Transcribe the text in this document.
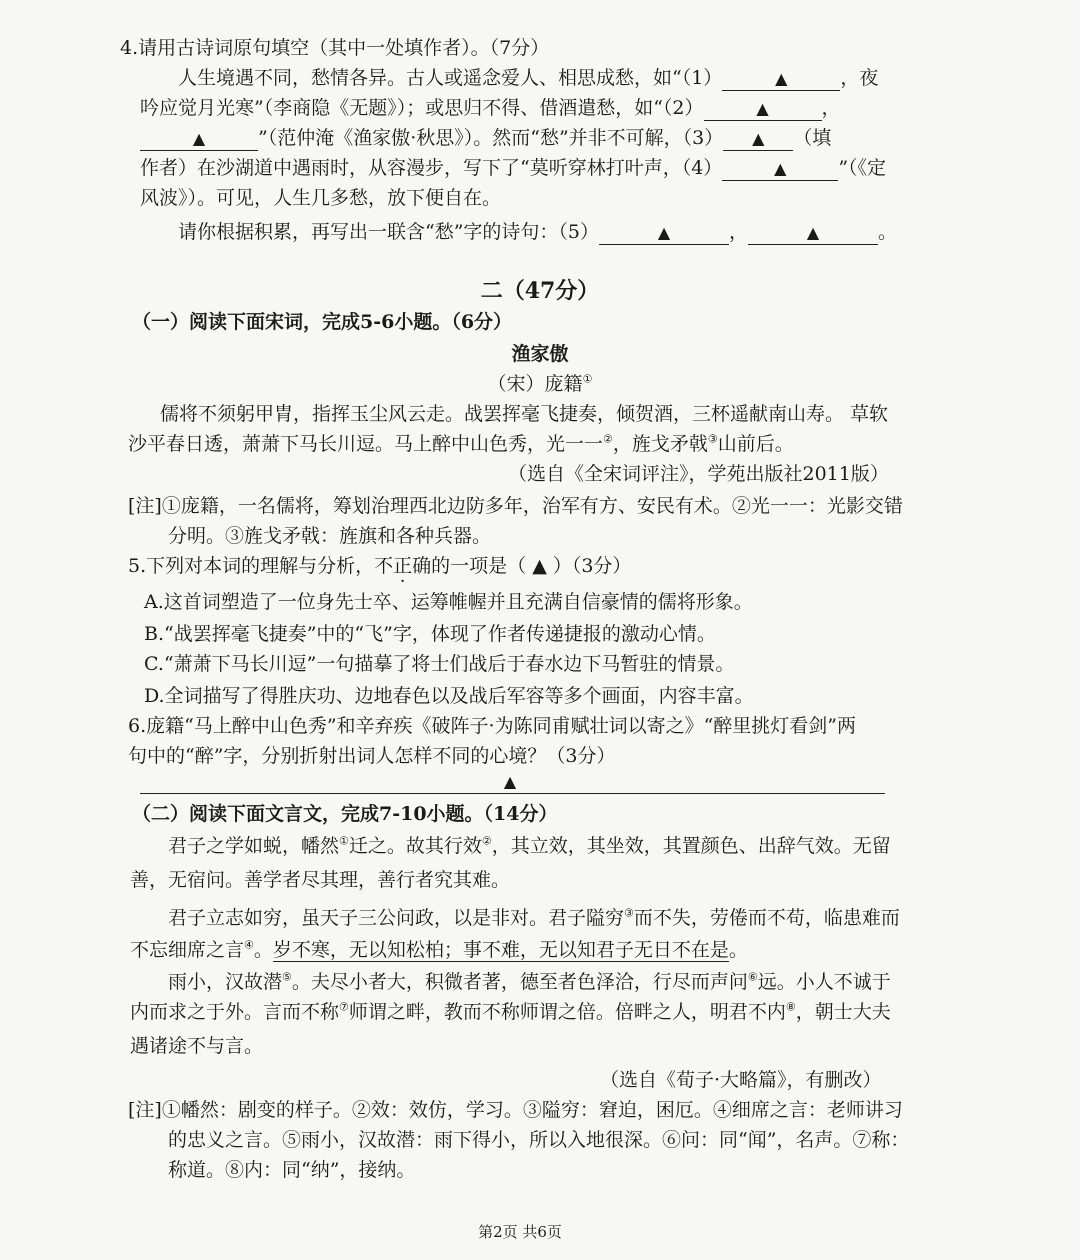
4.请用古诗词原句填空（其中一处填作者）。（7分）
人生境遇不同，愁情各异。古人或遥念爱人、相思成愁，如“（1）	▲	，夜
吟应觉月光寒”（李商隐《无题》）；或思归不得、借酒遣愁，如“（2）	▲	，
▲	”（范仲淹《渔家傲·秋思》）。然而“愁”并非不可解，（3） ▲ （填
作者）在沙湖道中遇雨时，从容漫步，写下了“莫听穿林打叶声，（4）	▲	”（《定
风波》）。可见，人生几多愁，放下便自在。
请你根据积累，再写出一联含“愁”字的诗句：（5）	▲	，	▲	。
二（47分）
（一）阅读下面宋词，完成5-6小题。（6分）
渔家傲
（宋）庞籍①
儒将不须躬甲胄，指挥玉尘风云走。战罢挥毫飞捷奏，倾贺酒，三杯遥献南山寿。 草软
沙平春日透，萧萧下马长川逗。马上醉中山色秀，光一一②，旌戈矛戟③山前后。
（选自《全宋词评注》，学苑出版社2011版）
[注]①庞籍，一名儒将，筹划治理西北边防多年，治军有方、安民有术。②光一一：光影交错
分明。③旌戈矛戟：旌旗和各种兵器。
5.下列对本词的理解与分析，不正确的一项是（ ▲ ）（3分）
A.这首词塑造了一位身先士卒、运筹帷幄并且充满自信豪情的儒将形象。
B.“战罢挥毫飞捷奏”中的“飞”字，体现了作者传递捷报的激动心情。
C.“萧萧下马长川逗”一句描摹了将士们战后于春水边下马暂驻的情景。
D.全词描写了得胜庆功、边地春色以及战后军容等多个画面，内容丰富。
6.庞籍“马上醉中山色秀”和辛弃疾《破阵子·为陈同甫赋壮词以寄之》“醉里挑灯看剑”两
句中的“醉”字，分别折射出词人怎样不同的心境？（3分）
▲
（二）阅读下面文言文，完成7-10小题。（14分）
君子之学如蜕，幡然①迁之。故其行效②，其立效，其坐效，其置颜色、出辞气效。无留
善，无宿问。善学者尽其理，善行者究其难。
君子立志如穷，虽天子三公问政，以是非对。君子隘穷③而不失，劳倦而不苟，临患难而
不忘细席之言④。岁不寒，无以知松柏；事不难，无以知君子无日不在是。
雨小，汉故潜⑤。夫尽小者大，积微者著，德至者色泽洽，行尽而声问⑥远。小人不诚于
内而求之于外。言而不称⑦师谓之畔，教而不称师谓之倍。倍畔之人，明君不内⑧，朝士大夫
遇诸途不与言。
（选自《荀子·大略篇》，有删改）
[注]①幡然：剧变的样子。②效：效仿，学习。③隘穷：窘迫，困厄。④细席之言：老师讲习
的忠义之言。⑤雨小，汉故潜：雨下得小，所以入地很深。⑥问：同“闻”，名声。⑦称：
称道。⑧内：同“纳”，接纳。
第2页 共6页
